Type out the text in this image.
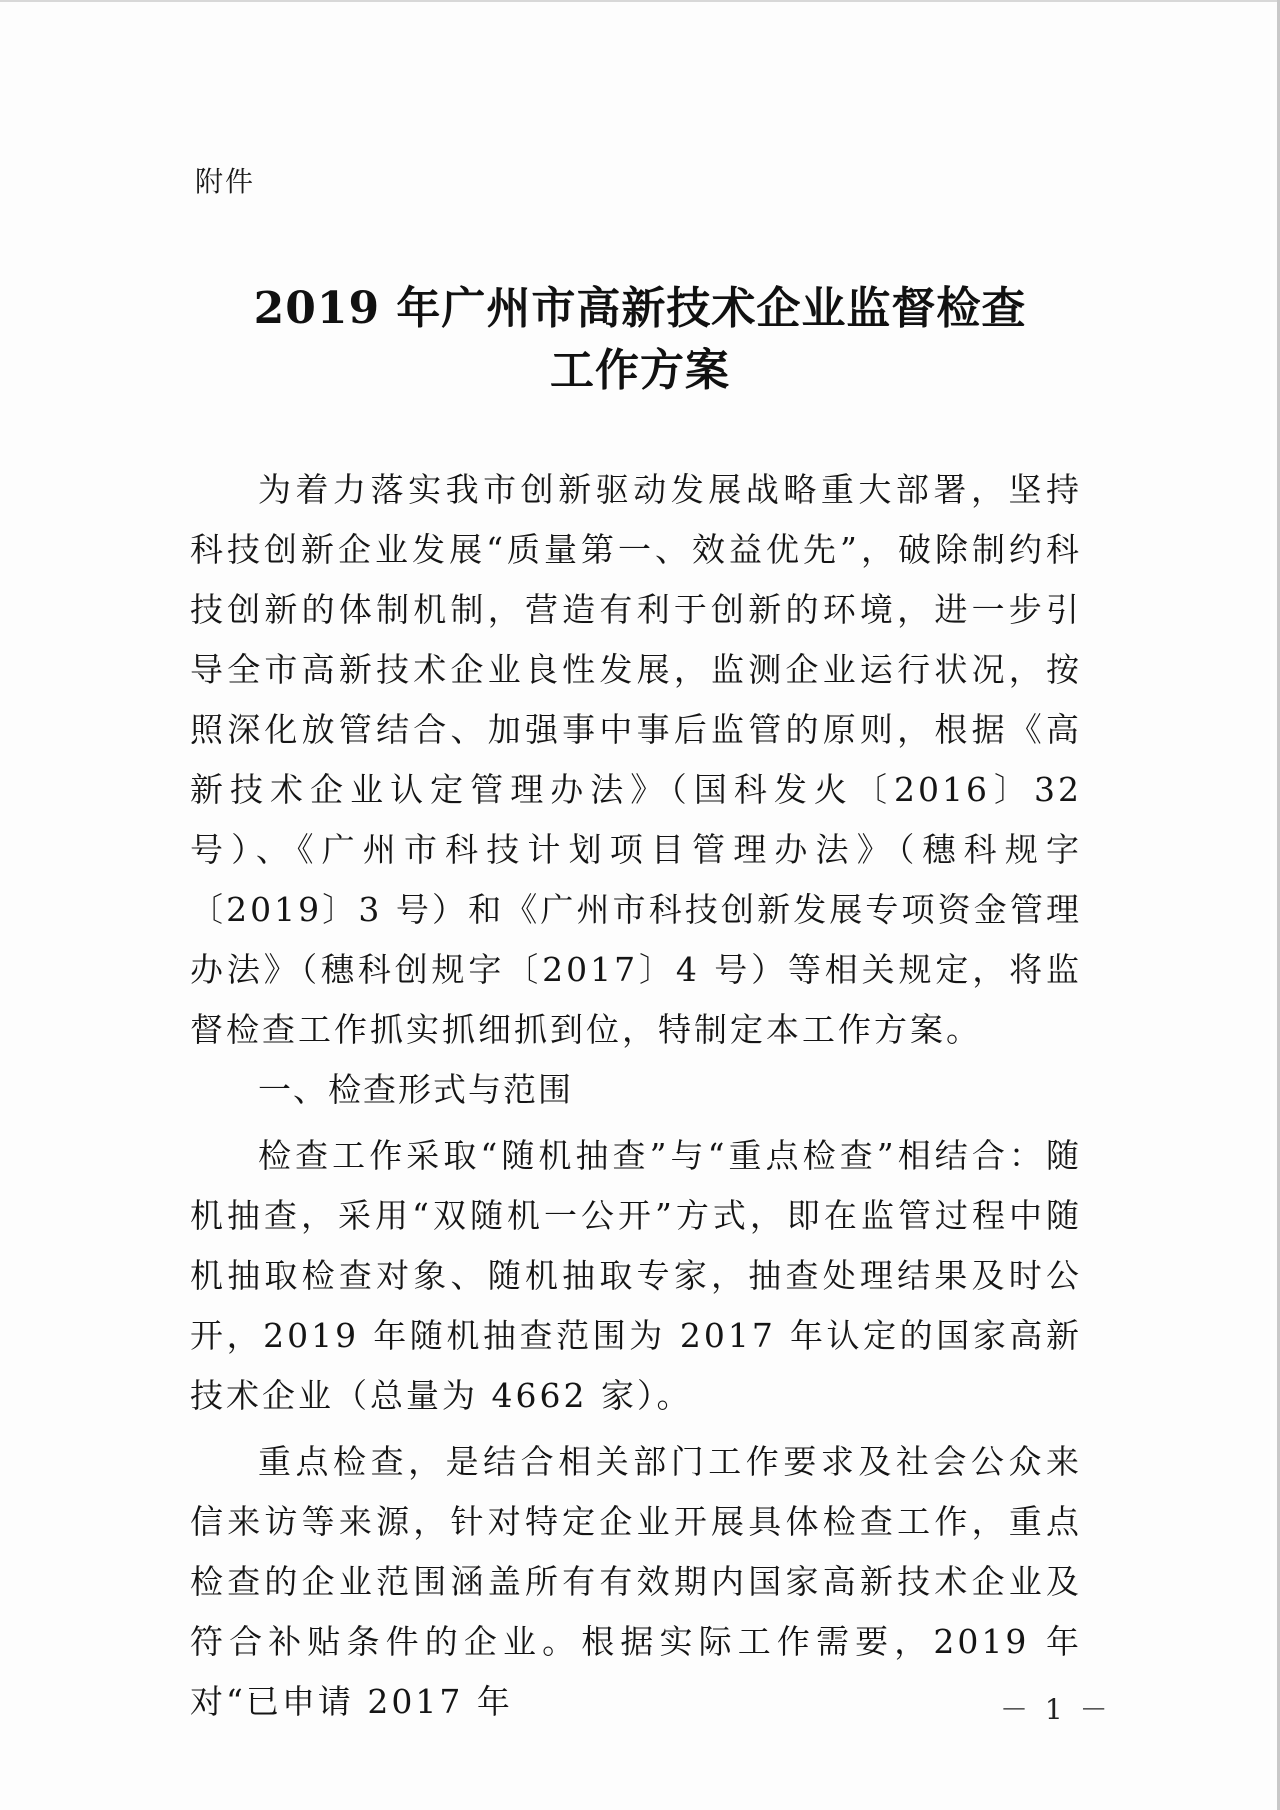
附件
2019 年广州市高新技术企业监督检查
工作方案

为着力落实我市创新驱动发展战略重大部署，坚持科技创新企业发展“质量第一、效益优先”，破除制约科技创新的体制机制，营造有利于创新的环境，进一步引导全市高新技术企业良性发展，监测企业运行状况，按照深化放管结合、加强事中事后监管的原则，根据《高新技术企业认定管理办法》（国科发火〔2016〕32 号）、《广州市科技计划项目管理办法》（穗科规字〔2019〕3 号）和《广州市科技创新发展专项资金管理办法》（穗科创规字〔2017〕4 号）等相关规定，将监督检查工作抓实抓细抓到位，特制定本工作方案。

一、检查形式与范围

检查工作采取“随机抽查”与“重点检查”相结合：随机抽查，采用“双随机一公开”方式，即在监管过程中随机抽取检查对象、随机抽取专家，抽查处理结果及时公开，2019 年随机抽查范围为 2017 年认定的国家高新技术企业（总量为 4662 家）。

重点检查，是结合相关部门工作要求及社会公众来信来访等来源，针对特定企业开展具体检查工作，重点检查的企业范围涵盖所有有效期内国家高新技术企业及符合补贴条件的企业。根据实际工作需要，2019 年对“已申请 2017 年	－ 1 －
